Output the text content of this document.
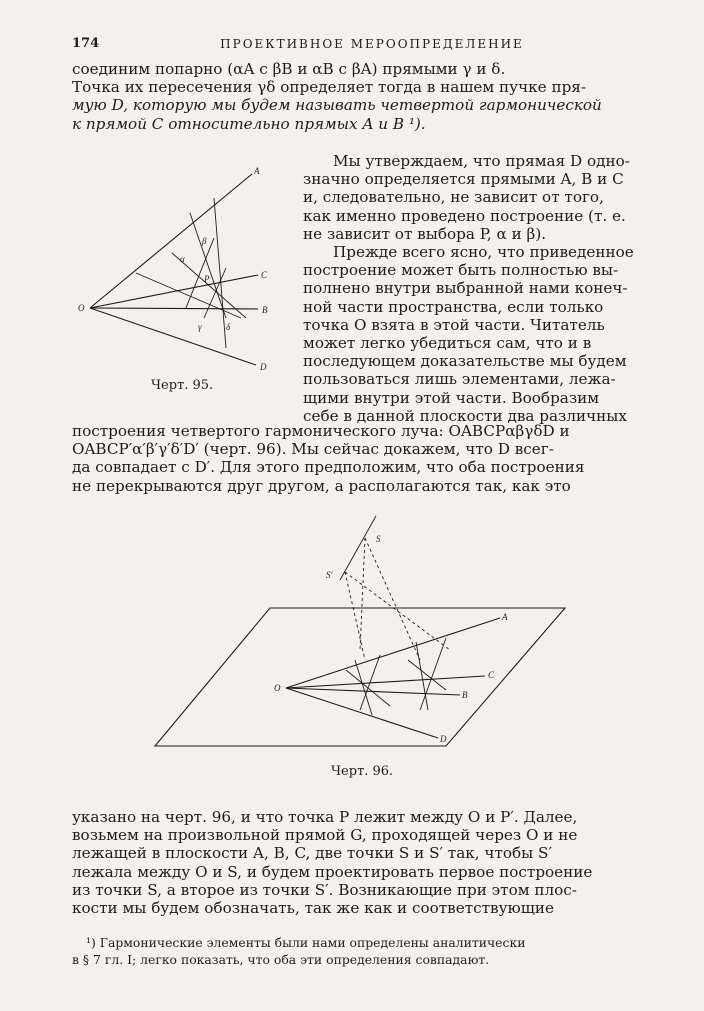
174	ПРОЕКТИВНОЕ МЕРООПРЕДЕЛЕНИЕ

соединим попарно (αA с βB и αB с βA) прямыми γ и δ.

Точка их пересечения γδ определяет тогда в нашем пучке пря-

мую D, которую мы будем называть четвертой гармонической

к прямой C относительно прямых A и B ¹).

A
C
B
D
O
P
α
β
γ	δ
Черт. 95.

Мы утверждаем, что прямая D одно-

значно определяется прямыми A, B и C

и, следовательно, не зависит от того,

как именно проведено построение (т. е.

не зависит от выбора P, α и β).

Прежде всего ясно, что приведенное

построение может быть полностью вы-

полнено внутри выбранной нами конеч-

ной части пространства, если только

точка O взята в этой части. Читатель

может легко убедиться сам, что и в

последующем доказательстве мы будем

пользоваться лишь элементами, лежа-

щими внутри этой части. Вообразим

себе в данной плоскости два различных

построения четвертого гармонического луча: OABCPαβγδD и

OABCP′α′β′γ′δ′D′ (черт. 96). Мы сейчас докажем, что D всег-

да совпадает с D′. Для этого предположим, что оба построения

не перекрываются друг другом, а располагаются так, как это

S
S′
A
C
B
D
O
Черт. 96.

указано на черт. 96, и что точка P лежит между O и P′. Далее,

возьмем на произвольной прямой G, проходящей через O и не

лежащей в плоскости A, B, C, две точки S и S′ так, чтобы S′

лежала между O и S, и будем проектировать первое построение

из точки S, а второе из точки S′. Возникающие при этом плос-

кости мы будем обозначать, так же как и соответствующие

¹) Гармонические элементы были нами определены аналитически

в § 7 гл. I; легко показать, что оба эти определения совпадают.
